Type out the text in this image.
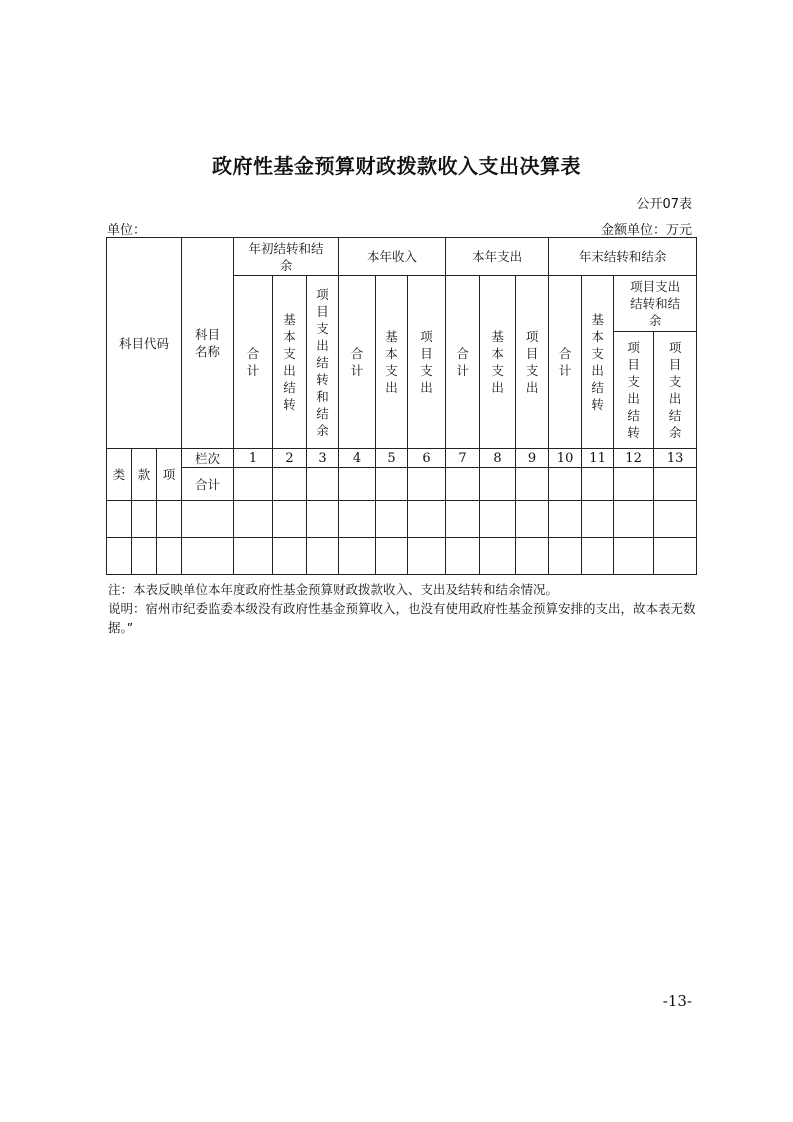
政府性基金预算财政拨款收入支出决算表
公开07表
单位：	金额单位：万元
科目代码			科目名称	年初结转和结余			本年收入			本年支出			年末结转和结余			
				合计	基本支出结转	项目支出结转和结余	合计	基本支出	项目支出	合计	基本支出	项目支出	合计	基本支出结转	项目支出结转和结余	
															项目支出结转	项目支出结余
类	款	项	栏次	1	2	3	4	5	6	7	8	9	10	11	12	13
			合计													

注：本表反映单位本年度政府性基金预算财政拨款收入、支出及结转和结余情况。

说明：宿州市纪委监委本级没有政府性基金预算收入，也没有使用政府性基金预算安排的支出，故本表无数据。”

-13-
